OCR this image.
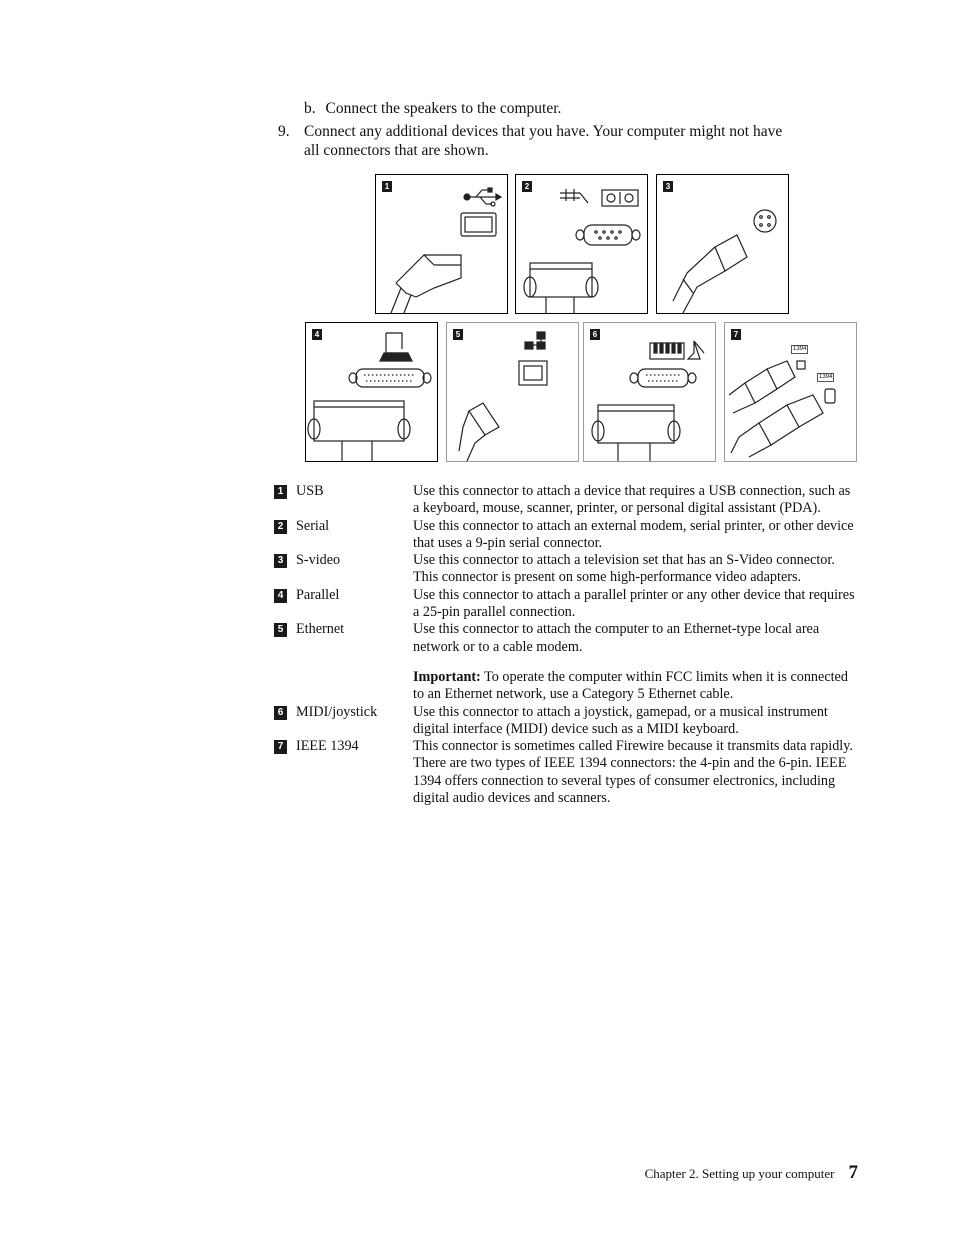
b. Connect the speakers to the computer.
9. Connect any additional devices that you have. Your computer might not have
all connectors that are shown.
1	2	3
4	5	6	7
1394
1394
1 USB	Use this connector to attach a device that requires a USB connection, such as a keyboard, mouse, scanner, printer, or personal digital assistant (PDA).
2 Serial	Use this connector to attach an external modem, serial printer, or other device that uses a 9-pin serial connector.
3 S-video	Use this connector to attach a television set that has an S-Video connector. This connector is present on some high-performance video adapters.
4 Parallel	Use this connector to attach a parallel printer or any other device that requires a 25-pin parallel connection.
5 Ethernet	Use this connector to attach the computer to an Ethernet-type local area network or to a cable modem.
Important: To operate the computer within FCC limits when it is connected to an Ethernet network, use a Category 5 Ethernet cable.
6 MIDI/joystick	Use this connector to attach a joystick, gamepad, or a musical instrument digital interface (MIDI) device such as a MIDI keyboard.
7 IEEE 1394	This connector is sometimes called Firewire because it transmits data rapidly. There are two types of IEEE 1394 connectors: the 4-pin and the 6-pin. IEEE 1394 offers connection to several types of consumer electronics, including digital audio devices and scanners.
Chapter 2. Setting up your computer 7
